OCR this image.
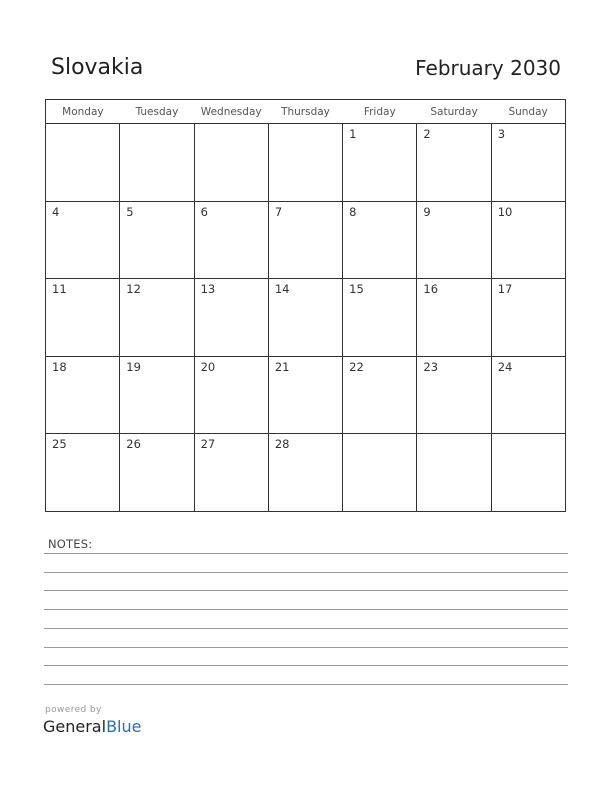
Slovakia	February 2030
Monday	Tuesday	Wednesday	Thursday	Friday	Saturday	Sunday

				1	2	3

4	5	6	7	8	9	10

11	12	13	14	15	16	17

18	19	20	21	22	23	24

25	26	27	28			

NOTES:
powered by
GeneralBlue
